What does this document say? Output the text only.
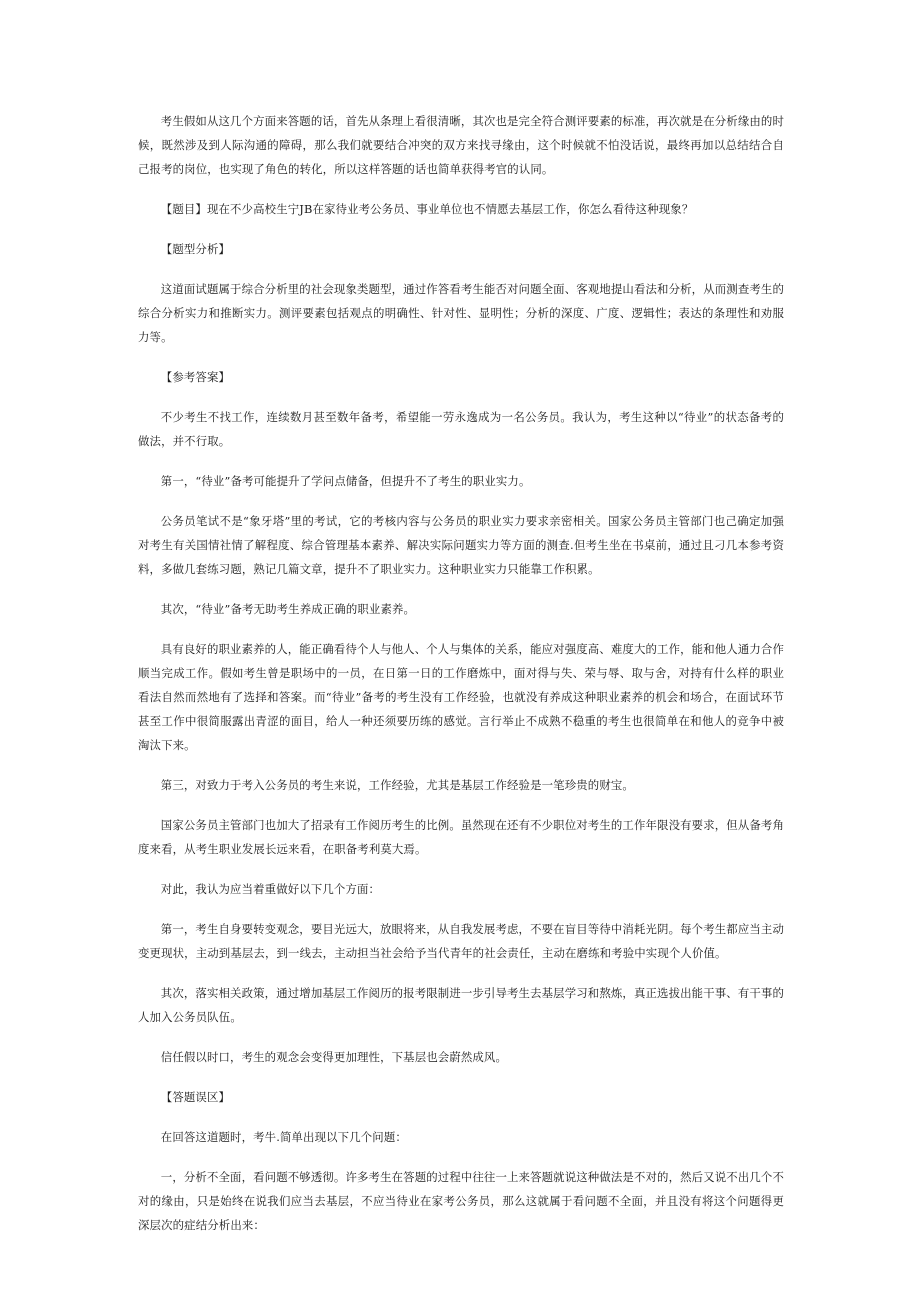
考生假如从这几个方面来答题的话，首先从条理上看很清晰，其次也是完全符合测评要素的标准，再次就是在分析缘由的时候，既然涉及到人际沟通的障碍，那么我们就要结合冲突的双方来找寻缘由，这个时候就不怕没话说，最终再加以总结结合自己报考的岗位，也实现了角色的转化，所以这样答题的话也简单获得考官的认同。

【题目】现在不少高校生宁JB在家待业考公务员、事业单位也不情愿去基层工作，你怎么看待这种现象？

【题型分析】

这道面试题属于综合分析里的社会现象类题型，通过作答看考生能否对问题全面、客观地提山看法和分析，从而测查考生的综合分析实力和推断实力。测评要素包括观点的明确性、针对性、显明性；分析的深度、广度、逻辑性；表达的条理性和劝服力等。

【参考答案】

不少考生不找工作，连续数月甚至数年备考，希望能一劳永逸成为一名公务员。我认为，考生这种以“待业”的状态备考的做法，并不行取。

第一，“待业”备考可能提升了学问点储备，但提升不了考生的职业实力。

公务员笔试不是“象牙塔”里的考试，它的考核内容与公务员的职业实力要求亲密相关。国家公务员主管部门也己确定加强对考生有关国情社情了解程度、综合管理基本素养、解决实际问题实力等方面的测查.但考生坐在书桌前，通过且刁几本参考资料，多做几套练习题，熟记几篇文章，提升不了职业实力。这种职业实力只能靠工作积累。

其次，“待业”备考无助考生养成正确的职业素养。

具有良好的职业素养的人，能正确看待个人与他人、个人与集体的关系，能应对强度高、难度大的工作，能和他人通力合作顺当完成工作。假如考生曾是职场中的一员，在日第一日的工作磨炼中，面对得与失、荣与辱、取与舍，对持有什么样的职业看法自然而然地有了选择和答案。而“待业”备考的考生没有工作经验，也就没有养成这种职业素养的机会和场合，在面试环节甚至工作中很简服露出青涩的面目，给人一种还须要历练的感觉。言行举止不成熟不稳重的考生也很简单在和他人的竞争中被淘汰下来。

第三，对致力于考入公务员的考生来说，工作经验，尤其是基层工作经验是一笔珍贵的财宝。

国家公务员主管部门也加大了招录有工作阅历考生的比例。虽然现在还有不少职位对考生的工作年限没有要求，但从备考角度来看，从考生职业发展长远来看，在职备考利莫大焉。

对此，我认为应当着重做好以下几个方面：

第一，考生自身要转变观念，要目光远大，放眼将来，从自我发展考虑，不要在盲目等待中消耗光阴。每个考生都应当主动变更现状，主动到基层去，到一线去，主动担当社会给予当代青年的社会责任，主动在磨练和考验中实现个人价值。

其次，落实相关政策，通过增加基层工作阅历的报考限制进一步引导考生去基层学习和熬炼，真正选拔出能干事、有干事的人加入公务员队伍。

信任假以时口，考生的观念会变得更加理性，下基层也会蔚然成风。

【答题误区】

在回答这道题时，考牛.简单出现以下几个问题：

一，分析不全面，看问题不够透彻。许多考生在答题的过程中往往一上来答题就说这种做法是不对的，然后又说不出几个不对的缘由，只是始终在说我们应当去基层，不应当待业在家考公务员，那么这就属于看问题不全面，并且没有将这个问题得更深层次的症结分析出来：
